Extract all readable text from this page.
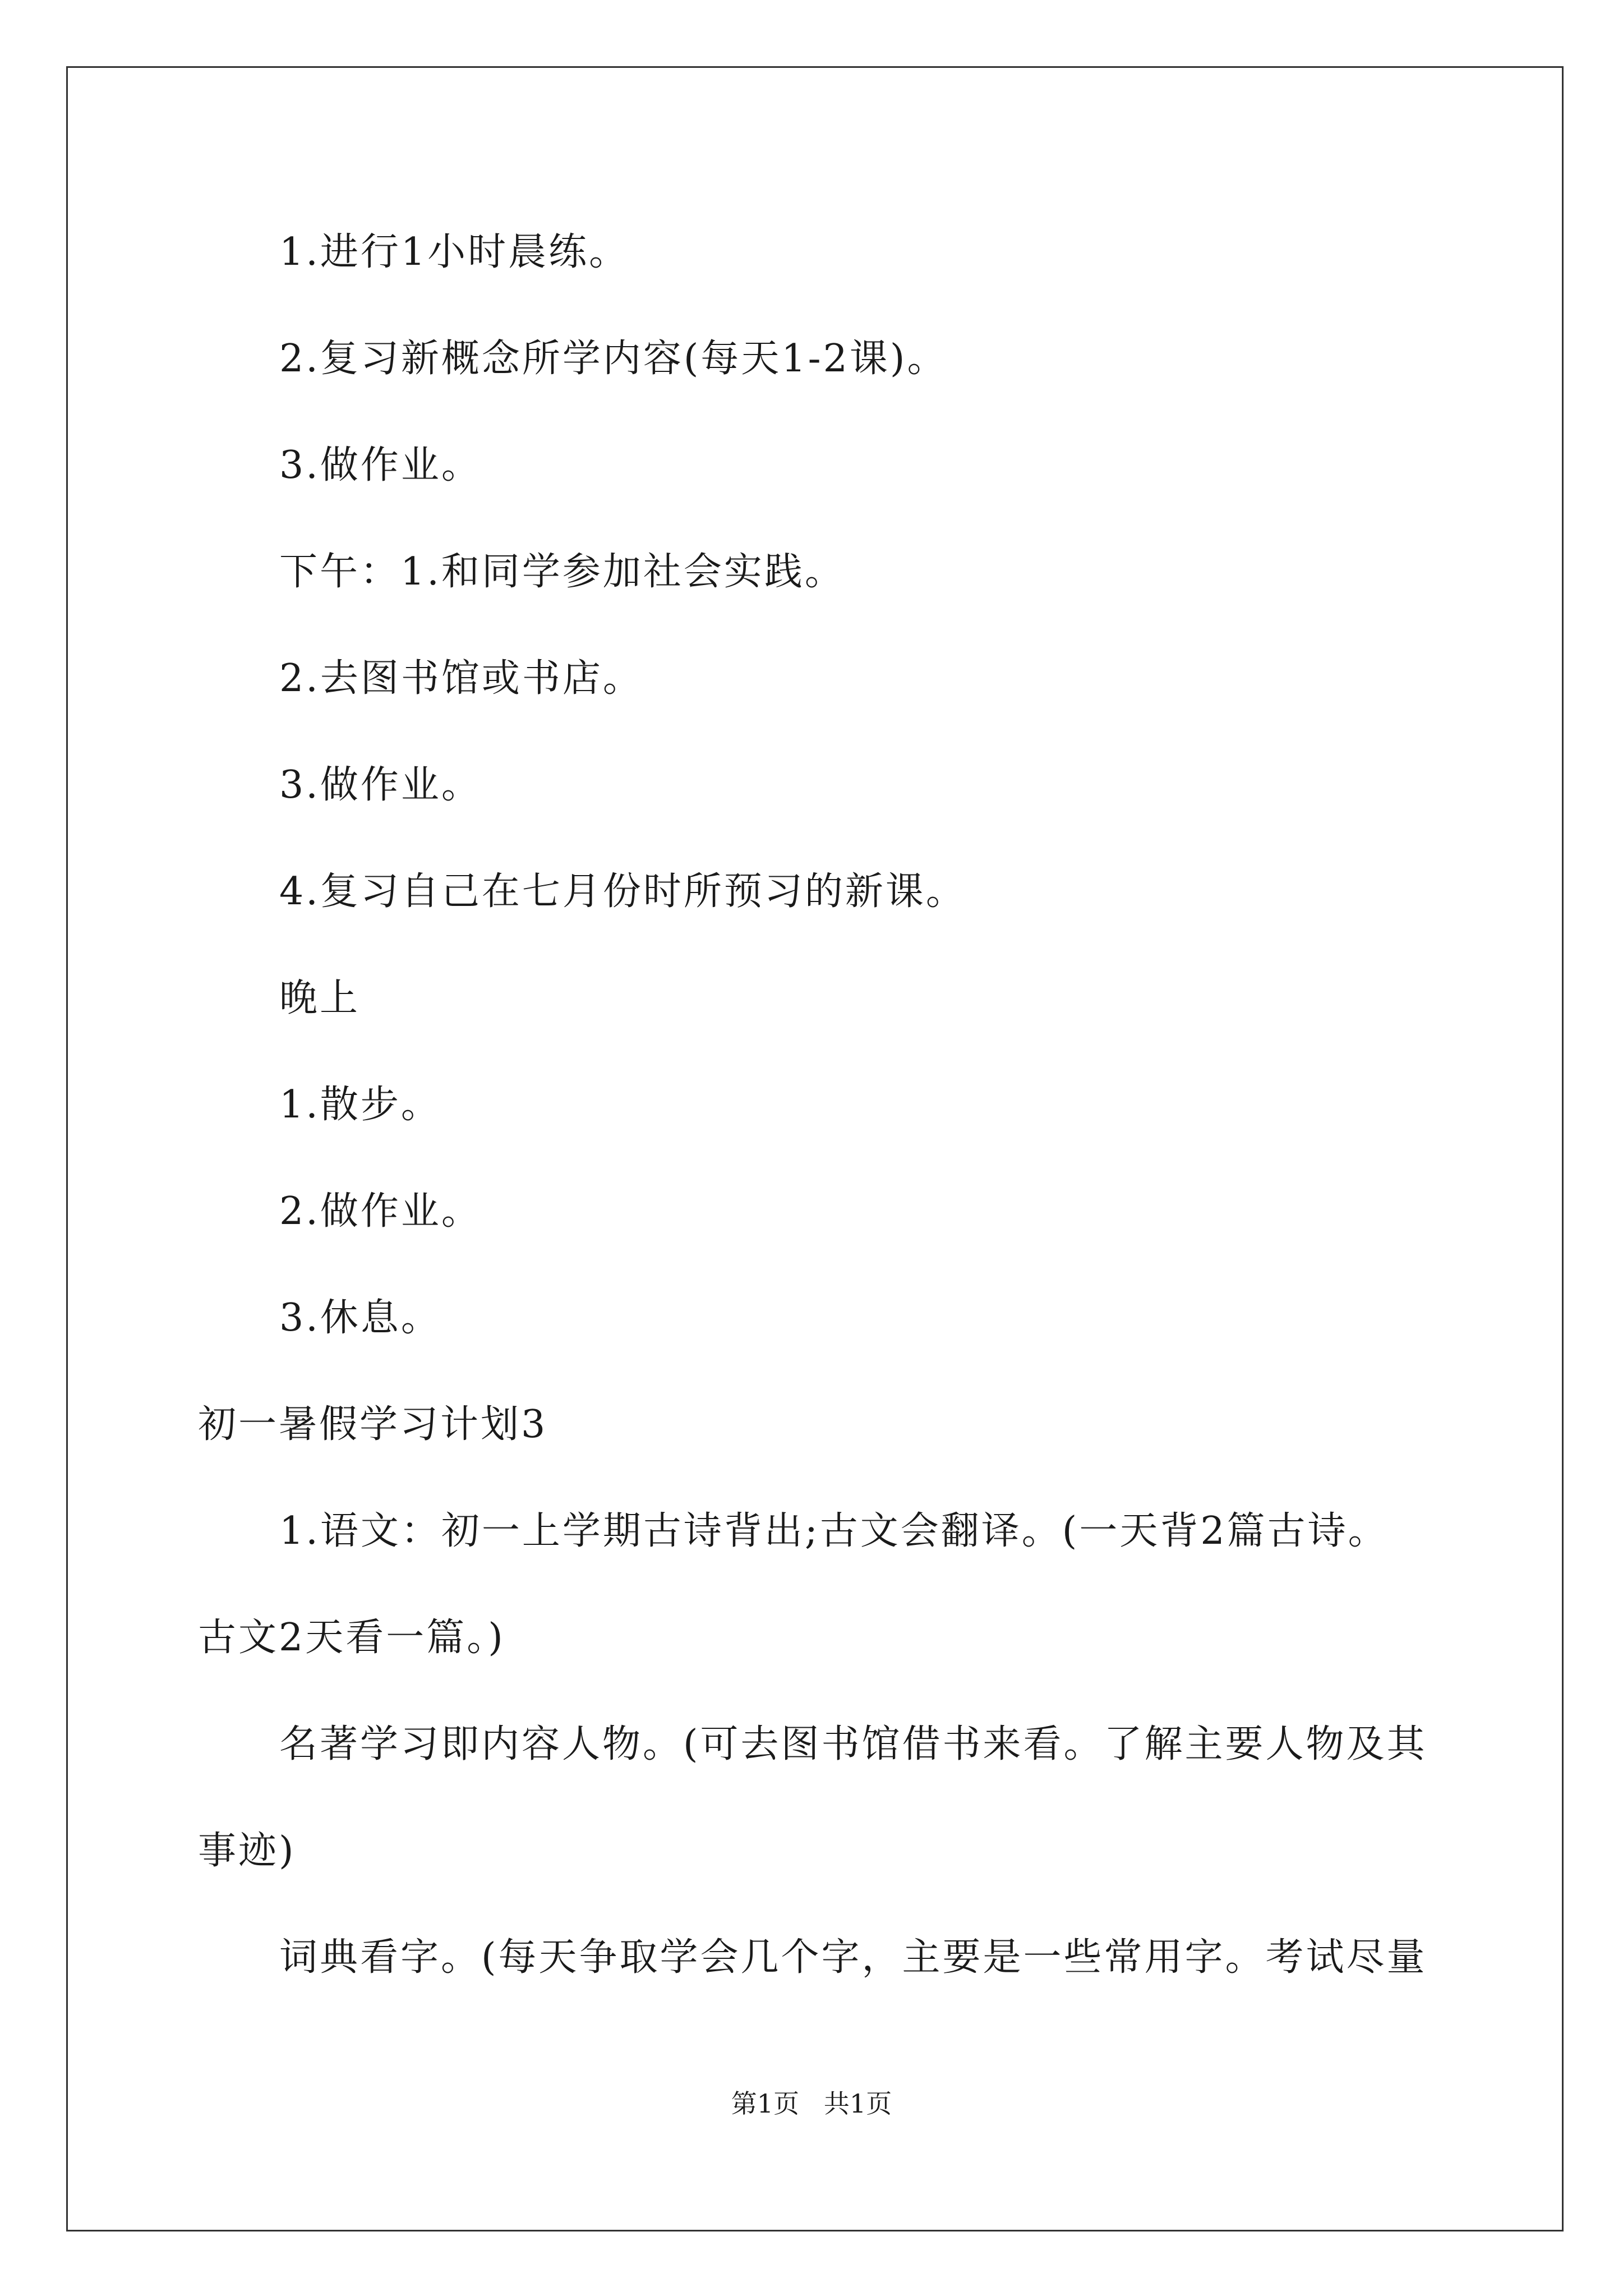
1.进行1小时晨练。
2.复习新概念所学内容(每天1-2课)。
3.做作业。
下午：1.和同学参加社会实践。
2.去图书馆或书店。
3.做作业。
4.复习自己在七月份时所预习的新课。
晚上
1.散步。
2.做作业。
3.休息。
初一暑假学习计划3
1.语文：初一上学期古诗背出;古文会翻译。(一天背2篇古诗。
古文2天看一篇。)
名著学习即内容人物。(可去图书馆借书来看。了解主要人物及其
事迹)
词典看字。(每天争取学会几个字，主要是一些常用字。考试尽量
第1页   共1页
